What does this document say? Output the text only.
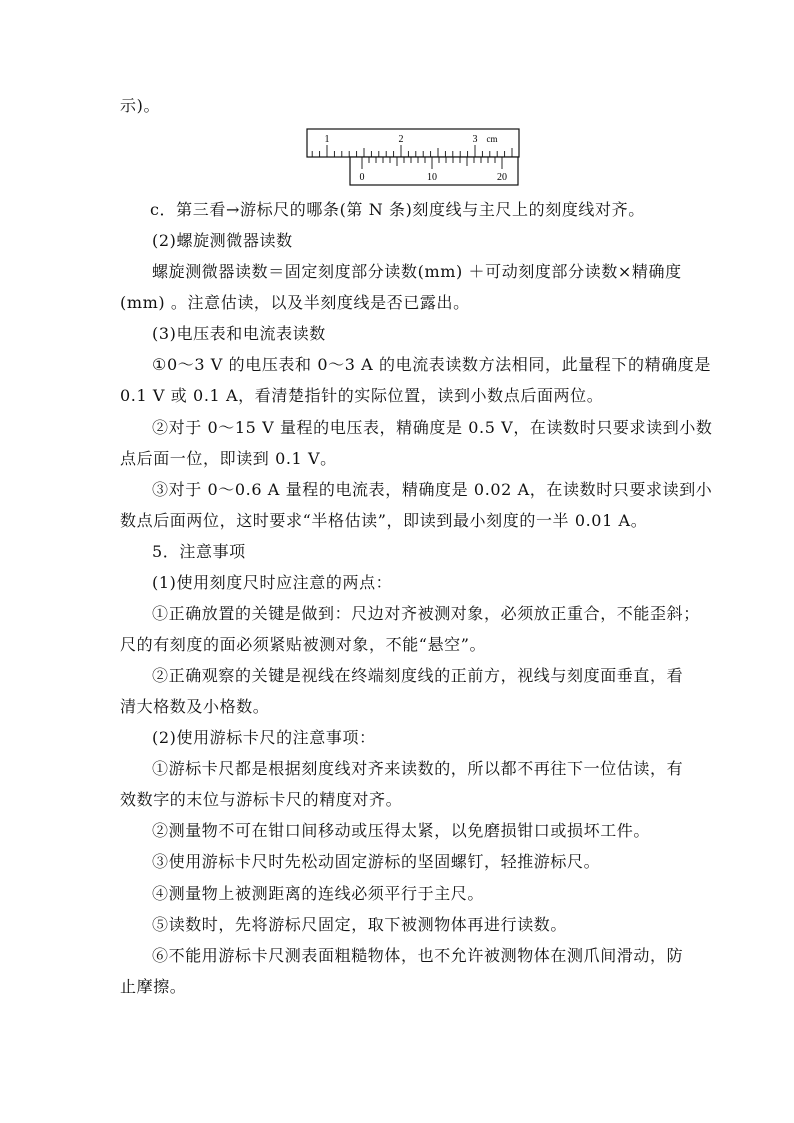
示)。
1	2	3 cm
0	10	20
c．第三看→游标尺的哪条(第 N 条)刻度线与主尺上的刻度线对齐。
(2)螺旋测微器读数
螺旋测微器读数＝固定刻度部分读数(mm) ＋可动刻度部分读数×精确度
(mm) 。注意估读，以及半刻度线是否已露出。
(3)电压表和电流表读数
①0～3 V 的电压表和 0～3 A 的电流表读数方法相同，此量程下的精确度是
0.1 V 或 0.1 A，看清楚指针的实际位置，读到小数点后面两位。
②对于 0～15 V 量程的电压表，精确度是 0.5 V，在读数时只要求读到小数
点后面一位，即读到 0.1 V。
③对于 0～0.6 A 量程的电流表，精确度是 0.02 A，在读数时只要求读到小
数点后面两位，这时要求“半格估读”，即读到最小刻度的一半 0.01 A。
5．注意事项
(1)使用刻度尺时应注意的两点：
①正确放置的关键是做到：尺边对齐被测对象，必须放正重合，不能歪斜；
尺的有刻度的面必须紧贴被测对象，不能“悬空”。
②正确观察的关键是视线在终端刻度线的正前方，视线与刻度面垂直，看
清大格数及小格数。
(2)使用游标卡尺的注意事项：
①游标卡尺都是根据刻度线对齐来读数的，所以都不再往下一位估读，有
效数字的末位与游标卡尺的精度对齐。
②测量物不可在钳口间移动或压得太紧，以免磨损钳口或损坏工件。
③使用游标卡尺时先松动固定游标的坚固螺钉，轻推游标尺。
④测量物上被测距离的连线必须平行于主尺。
⑤读数时，先将游标尺固定，取下被测物体再进行读数。
⑥不能用游标卡尺测表面粗糙物体，也不允许被测物体在测爪间滑动，防
止摩擦。
